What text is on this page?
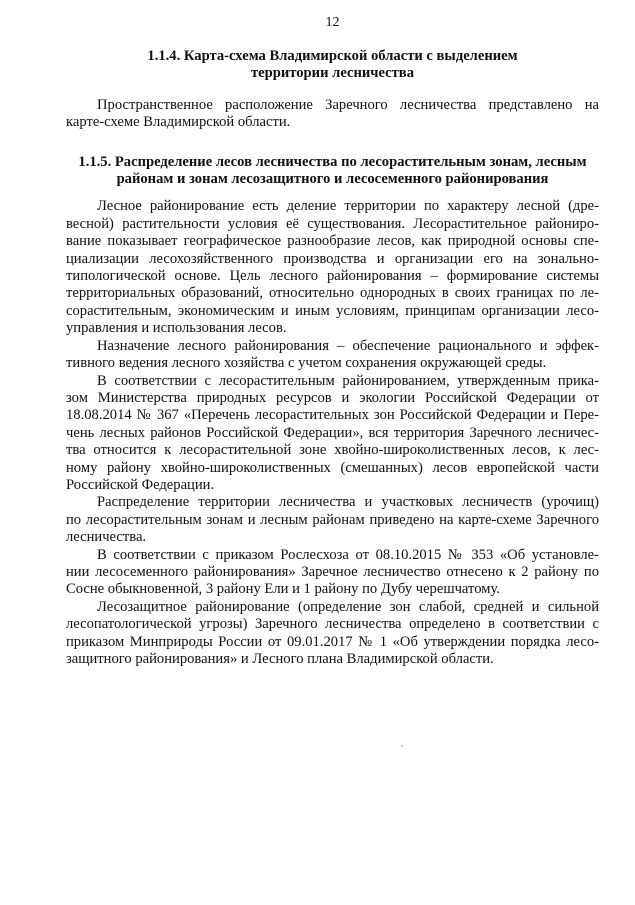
12
1.1.4. Карта-схема Владимирской области с выделением
территории лесничества
Пространственное расположение Заречного лесничества представлено на
карте-схеме Владимирской области.
1.1.5. Распределение лесов лесничества по лесорастительным зонам, лесным
районам и зонам лесозащитного и лесосеменного районирования
Лесное районирование есть деление территории по характеру лесной (дре-
весной) растительности условия её существования. Лесорастительное райониро-
вание показывает географическое разнообразие лесов, как природной основы спе-
циализации лесохозяйственного производства и организации его на зонально-
типологической основе. Цель лесного районирования – формирование системы
территориальных образований, относительно однородных в своих границах по ле-
сорастительным, экономическим и иным условиям, принципам организации лесо-
управления и использования лесов.
Назначение лесного районирования – обеспечение рационального и эффек-
тивного ведения лесного хозяйства с учетом сохранения окружающей среды.
В соответствии с лесорастительным районированием, утвержденным прика-
зом Министерства природных ресурсов и экологии Российской Федерации от
18.08.2014 № 367 «Перечень лесорастительных зон Российской Федерации и Пере-
чень лесных районов Российской Федерации», вся территория Заречного лесничес-
тва относится к лесорастительной зоне хвойно-широколиственных лесов, к лес-
ному району хвойно-широколиственных (смешанных) лесов европейской части
Российской Федерации.
Распределение территории лесничества и участковых лесничеств (урочищ)
по лесорастительным зонам и лесным районам приведено на карте-схеме Заречного
лесничества.
В соответствии с приказом Рослесхоза от 08.10.2015 № 353 «Об установле-
нии лесосеменного районирования» Заречное лесничество отнесено к 2 району по
Сосне обыкновенной, 3 району Ели и 1 району по Дубу черешчатому.
Лесозащитное районирование (определение зон слабой, средней и сильной
лесопатологической угрозы) Заречного лесничества определено в соответствии с
приказом Минприроды России от 09.01.2017 № 1 «Об утверждении порядка лесо-
защитного районирования» и Лесного плана Владимирской области.
